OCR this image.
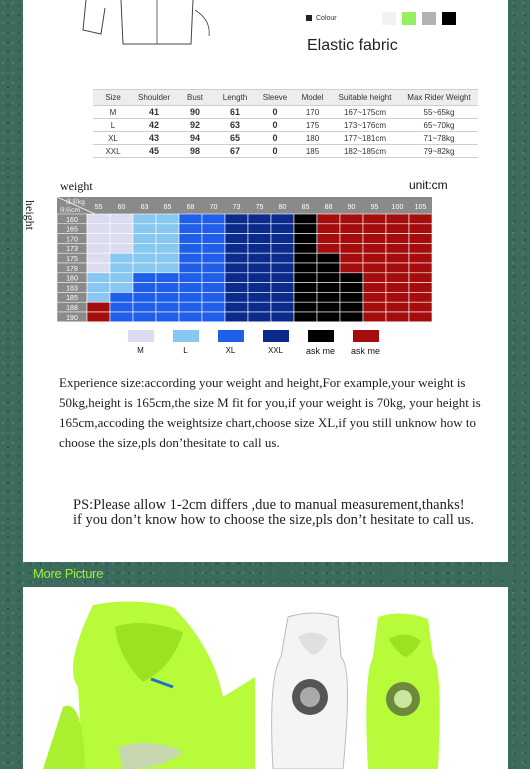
Colour
Elastic fabric
Size	Shoulder	Bust	Length	Sleeve	Model	Suitable height	Max Rider Weight
M	41	90	61	0	170	167~175cm	55~65kg
L	42	92	63	0	175	173~176cm	65~70kg
XL	43	94	65	0	180	177~181cm	71~78kg
XXL	45	98	67	0	185	182~185cm	79~82kg
weight	unit:cm
height	体重kg
身高cm 55 60 63 65 68 70 73 75 80 85 88 90 95 100 105
160
165
170
173
175
178
180
183
185
188
190
M	L	XL	XXL	ask me	ask me
Experience size:according your weight and height,For example,your weight is 50kg,height is 165cm,the size M fit for you,if your weight is 70kg, your height is 165cm,accoding the weightsize chart,choose size XL,if you still unknow how to choose the size,pls don’thesitate to call us.
PS:Please allow 1-2cm differs ,due to manual measurement,thanks!
if you don’t know how to choose the size,pls don’t hesitate to call us.
More Picture
